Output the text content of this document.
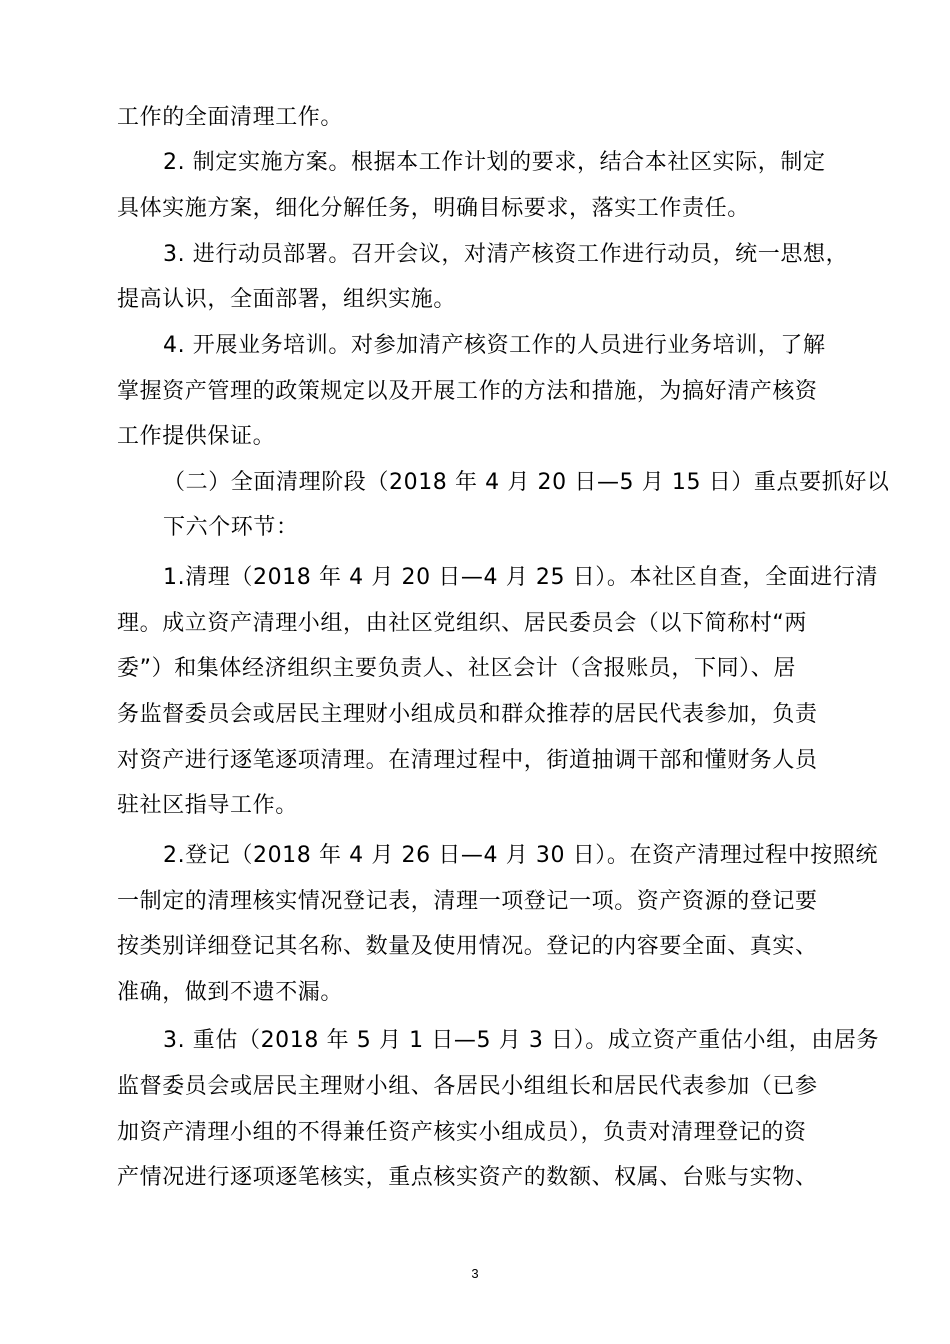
工作的全面清理工作。
2. 制定实施方案。根据本工作计划的要求，结合本社区实际，制定
具体实施方案，细化分解任务，明确目标要求，落实工作责任。
3. 进行动员部署。召开会议，对清产核资工作进行动员，统一思想，
提高认识，全面部署，组织实施。
4. 开展业务培训。对参加清产核资工作的人员进行业务培训，了解
掌握资产管理的政策规定以及开展工作的方法和措施，为搞好清产核资
工作提供保证。
（二）全面清理阶段（2018 年 4 月 20 日—5 月 15 日）重点要抓好以
下六个环节：
1.清理（2018 年 4 月 20 日—4 月 25 日）。本社区自查，全面进行清
理。成立资产清理小组，由社区党组织、居民委员会（以下简称村“两
委”）和集体经济组织主要负责人、社区会计（含报账员，下同）、居
务监督委员会或居民主理财小组成员和群众推荐的居民代表参加，负责
对资产进行逐笔逐项清理。在清理过程中，街道抽调干部和懂财务人员
驻社区指导工作。
2.登记（2018 年 4 月 26 日—4 月 30 日）。在资产清理过程中按照统
一制定的清理核实情况登记表，清理一项登记一项。资产资源的登记要
按类别详细登记其名称、数量及使用情况。登记的内容要全面、真实、
准确，做到不遗不漏。
3. 重估（2018 年 5 月 1 日—5 月 3 日）。成立资产重估小组，由居务
监督委员会或居民主理财小组、各居民小组组长和居民代表参加（已参
加资产清理小组的不得兼任资产核实小组成员），负责对清理登记的资
产情况进行逐项逐笔核实，重点核实资产的数额、权属、台账与实物、
3
